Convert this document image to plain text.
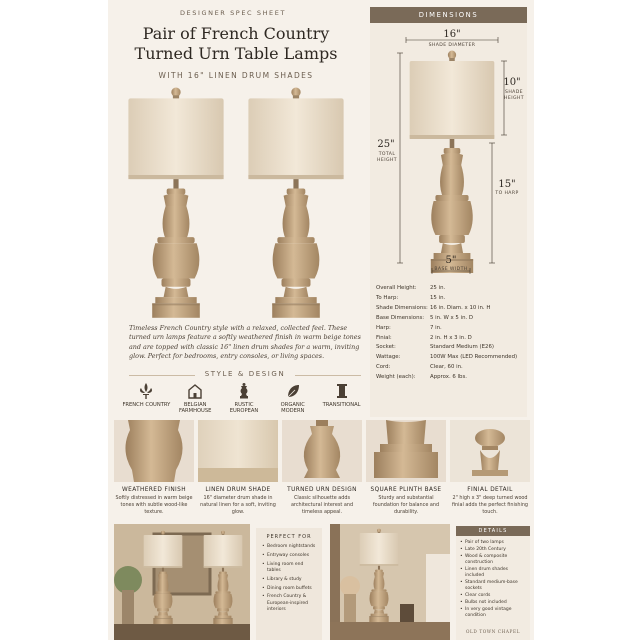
DESIGNER SPEC SHEET
Pair of French Country
Turned Urn Table Lamps
WITH 16" LINEN DRUM SHADES
Timeless French Country style with a relaxed, collected feel. These turned urn lamps feature a softly weathered finish in warm beige tones and are topped with classic 16" linen drum shades for a warm, inviting glow. Perfect for bedrooms, entry consoles, or living spaces.
STYLE & DESIGN
FRENCH COUNTRY	BELGIAN FARMHOUSE
RUSTIC EUROPEAN
ORGANIC MODERN
TRANSITIONAL
DIMENSIONS
16"
SHADE DIAMETER
10"
SHADE HEIGHT
25"
TOTAL HEIGHT
15"
TO HARP
5"
BASE WIDTH
Overall Height:	25 in.
To Harp:	15 in.
Shade Dimensions: 16 in. Diam. x 10 in. H
Base Dimensions:	5 in. W x 5 in. D
Harp:	7 in.
Finial:	2 in. H x 3 in. D
Socket:	Standard Medium (E26)
Wattage:	100W Max (LED Recommended)
Cord:	Clear, 60 in.
Weight (each):	Approx. 6 lbs.
WEATHERED FINISH
Softly distressed in warm beige tones with subtle wood-like texture.
LINEN DRUM SHADE
16" diameter drum shade in natural linen for a soft, inviting glow.
TURNED URN DESIGN
Classic silhouette adds architectural interest and timeless appeal.
SQUARE PLINTH BASE
Sturdy and substantial foundation for balance and durability.
FINIAL DETAIL
2" high x 3" deep turned wood finial adds the perfect finishing touch.
PERFECT FOR
• Bedroom nightstands
• Entryway consoles
• Living room end tables
• Library & study
• Dining room buffets
• French Country & European-inspired interiors
DETAILS
• Pair of two lamps
• Late 20th Century
• Wood & composite construction
• Linen drum shades included
• Standard medium-base sockets
• Clear cords
• Bulbs not included
• In very good vintage condition
OLD TOWN CHAPEL
